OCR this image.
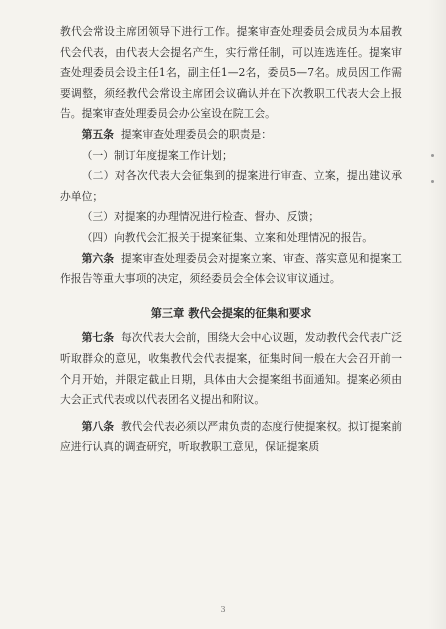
教代会常设主席团领导下进行工作。提案审查处理委员会成员为本届教代会代表，由代表大会提名产生，实行常任制，可以连选连任。提案审查处理委员会设主任1名，副主任1—2名，委员5—7名。成员因工作需要调整，须经教代会常设主席团会议确认并在下次教职工代表大会上报告。提案审查处理委员会办公室设在院工会。

第五条 提案审查处理委员会的职责是：

（一）制订年度提案工作计划；

（二）对各次代表大会征集到的提案进行审查、立案，提出建议承办单位；

（三）对提案的办理情况进行检查、督办、反馈；

（四）向教代会汇报关于提案征集、立案和处理情况的报告。

第六条 提案审查处理委员会对提案立案、审查、落实意见和提案工作报告等重大事项的决定，须经委员会全体会议审议通过。

第三章 教代会提案的征集和要求

第七条 每次代表大会前，围绕大会中心议题，发动教代会代表广泛听取群众的意见，收集教代会代表提案，征集时间一般在大会召开前一个月开始，并限定截止日期，具体由大会提案组书面通知。提案必须由大会正式代表或以代表团名义提出和附议。

第八条 教代会代表必须以严肃负责的态度行使提案权。拟订提案前应进行认真的调查研究，听取教职工意见，保证提案质

3
